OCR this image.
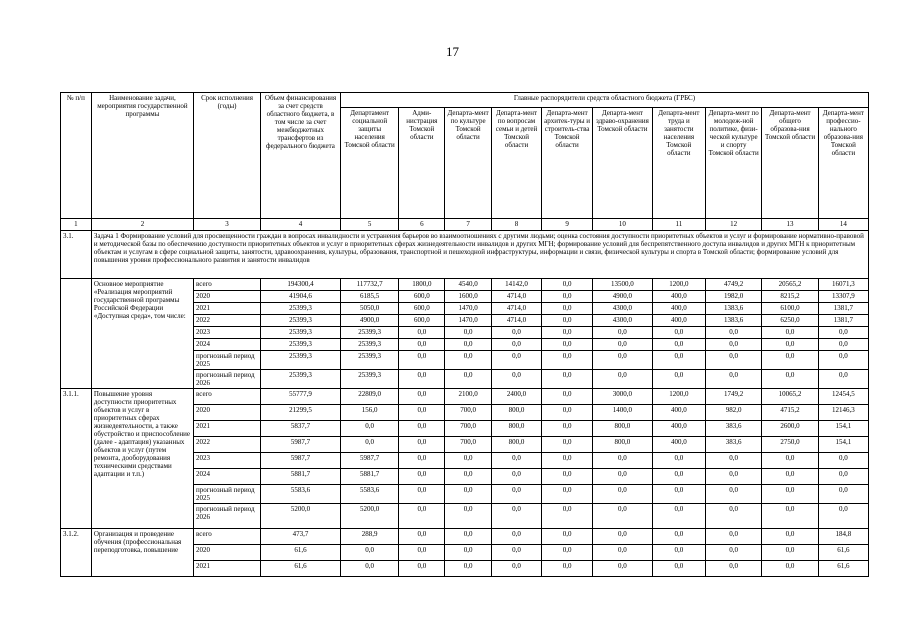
17
№ п/п	Наименование задачи, мероприятия государственной программы	Срок исполнения (годы)	Объем финансирования за счет средств областного бюджета, в том числе за счет межбюджетных трансфертов из федерального бюджета	Главные распорядители средств областного бюджета (ГРБС)									
				Департамент социальной защиты населения Томской области	Адми-нистрация Томской области	Департа-мент по культуре Томской области	Департа-мент по вопросам семьи и детей Томской области	Департа-мент архитек-туры и строитель-ства Томской области	Департа-мент здраво-охранения Томской области	Департа-мент труда и занятости населения Томской области	Департа-мент по молодеж-ной политике, физи-ческой культуре и спорту Томской области	Департа-мент общего образова-ния Томской области	Департа-мент профессио-нального образова-ния Томской области
1	2	3	4	5	6	7	8	9	10	11	12	13	14
3.1.	Задача 1 Формирование условий для просвещенности граждан в вопросах инвалидности и устранения барьеров во взаимоотношениях с другими людьми; оценка состояния доступности приоритетных объектов и услуг и формирование нормативно-правовой и методической базы по обеспечению доступности приоритетных объектов и услуг в приоритетных сферах жизнедеятельности инвалидов и других МГН; формирование условий для беспрепятственного доступа инвалидов и других МГН к приоритетным объектам и услугам в сфере социальной защиты, занятости, здравоохранения, культуры, образования, транспортной и пешеходной инфраструктуры, информации и связи, физической культуры и спорта в Томской области; формирование условий для повышения уровня профессионального развития и занятости инвалидов												
	Основное мероприятие «Реализация мероприятий государственной программы Российской Федерации «Доступная среда», том числе:	всего	194300,4	117732,7	1800,0	4540,0	14142,0	0,0	13500,0	1200,0	4749,2	20565,2	16071,3
		2020	41904,6	6185,5	600,0	1600,0	4714,0	0,0	4900,0	400,0	1982,0	8215,2	13307,9
		2021	25399,3	5050,0	600,0	1470,0	4714,0	0,0	4300,0	400,0	1383,6	6100,0	1381,7
		2022	25399,3	4900,0	600,0	1470,0	4714,0	0,0	4300,0	400,0	1383,6	6250,0	1381,7
		2023	25399,3	25399,3	0,0	0,0	0,0	0,0	0,0	0,0	0,0	0,0	0,0
		2024	25399,3	25399,3	0,0	0,0	0,0	0,0	0,0	0,0	0,0	0,0	0,0
		прогнозный период 2025	25399,3	25399,3	0,0	0,0	0,0	0,0	0,0	0,0	0,0	0,0	0,0
		прогнозный период 2026	25399,3	25399,3	0,0	0,0	0,0	0,0	0,0	0,0	0,0	0,0	0,0
3.1.1.	Повышение уровня доступности приоритетных объектов и услуг в приоритетных сферах жизнедеятельности, а также обустройство и приспособление (далее - адаптация) указанных объектов и услуг (путем ремонта, дооборудования техническими средствами адаптации и т.п.)	всего	55777,9	22809,0	0,0	2100,0	2400,0	0,0	3000,0	1200,0	1749,2	10065,2	12454,5
		2020	21299,5	156,0	0,0	700,0	800,0	0,0	1400,0	400,0	982,0	4715,2	12146,3
		2021	5837,7	0,0	0,0	700,0	800,0	0,0	800,0	400,0	383,6	2600,0	154,1
		2022	5987,7	0,0	0,0	700,0	800,0	0,0	800,0	400,0	383,6	2750,0	154,1
		2023	5987,7	5987,7	0,0	0,0	0,0	0,0	0,0	0,0	0,0	0,0	0,0
		2024	5881,7	5881,7	0,0	0,0	0,0	0,0	0,0	0,0	0,0	0,0	0,0
		прогнозный период 2025	5583,6	5583,6	0,0	0,0	0,0	0,0	0,0	0,0	0,0	0,0	0,0
		прогнозный период 2026	5200,0	5200,0	0,0	0,0	0,0	0,0	0,0	0,0	0,0	0,0	0,0
3.1.2.	Организация и проведение обучения (профессиональная переподготовка, повышение	всего	473,7	288,9	0,0	0,0	0,0	0,0	0,0	0,0	0,0	0,0	184,8
		2020	61,6	0,0	0,0	0,0	0,0	0,0	0,0	0,0	0,0	0,0	61,6
		2021	61,6	0,0	0,0	0,0	0,0	0,0	0,0	0,0	0,0	0,0	61,6
